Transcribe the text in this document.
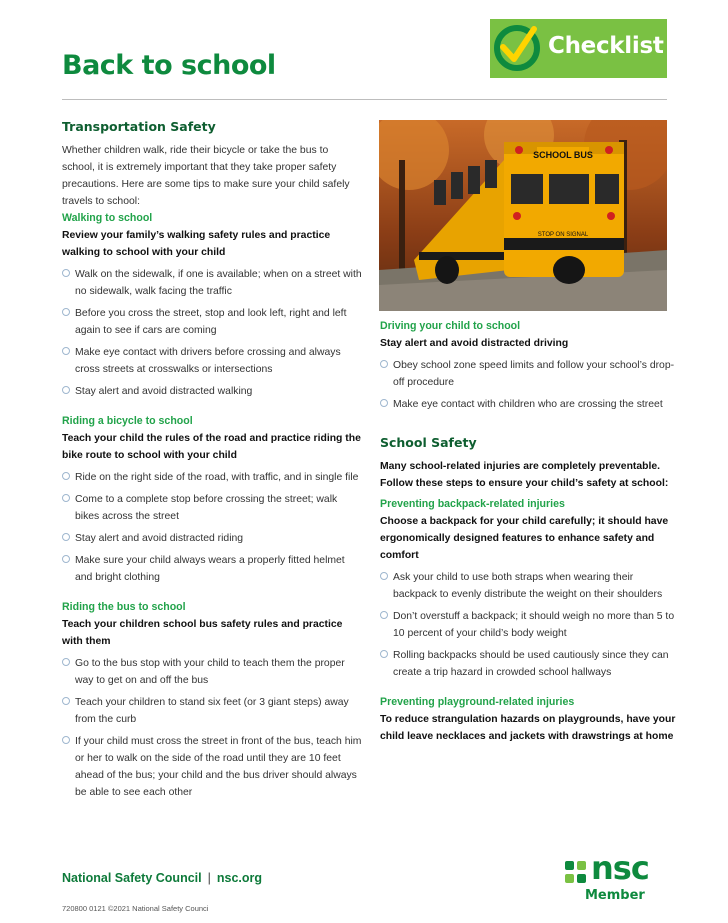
Back to school
Checklist
Transportation Safety

Whether children walk, ride their bicycle or take the bus to school, it is extremely important that they take proper safety precautions. Here are some tips to make sure your child safely travels to school:

Walking to school

Review your family’s walking safety rules and practice walking to school with your child

Walk on the sidewalk, if one is available; when on a street with no sidewalk, walk facing the traffic
Before you cross the street, stop and look left, right and left again to see if cars are coming
Make eye contact with drivers before crossing and always cross streets at crosswalks or intersections
Stay alert and avoid distracted walking
Riding a bicycle to school

Teach your child the rules of the road and practice riding the bike route to school with your child

Ride on the right side of the road, with traffic, and in single file
Come to a complete stop before crossing the street; walk bikes across the street
Stay alert and avoid distracted riding
Make sure your child always wears a properly fitted helmet and bright clothing
Riding the bus to school

Teach your children school bus safety rules and practice with them

Go to the bus stop with your child to teach them the proper way to get on and off the bus
Teach your children to stand six feet (or 3 giant steps) away from the curb
If your child must cross the street in front of the bus, teach him or her to walk on the side of the road until they are 10 feet ahead of the bus; your child and the bus driver should always be able to see each other
SCHOOL BUS
STOP ON SIGNAL
Driving your child to school

Stay alert and avoid distracted driving

Obey school zone speed limits and follow your school’s drop-off procedure
Make eye contact with children who are crossing the street
School Safety

Many school-related injuries are completely preventable. Follow these steps to ensure your child’s safety at school:

Preventing backpack-related injuries

Choose a backpack for your child carefully; it should have ergonomically designed features to enhance safety and comfort

Ask your child to use both straps when wearing their backpack to evenly distribute the weight on their shoulders
Don’t overstuff a backpack; it should weigh no more than 5 to 10 percent of your child’s body weight
Rolling backpacks should be used cautiously since they can create a trip hazard in crowded school hallways
Preventing playground-related injuries

To reduce strangulation hazards on playgrounds, have your child leave necklaces and jackets with drawstrings at home

National Safety Council | nsc.org
720800 0121 ©2021 National Safety Counci
nsc
Member
